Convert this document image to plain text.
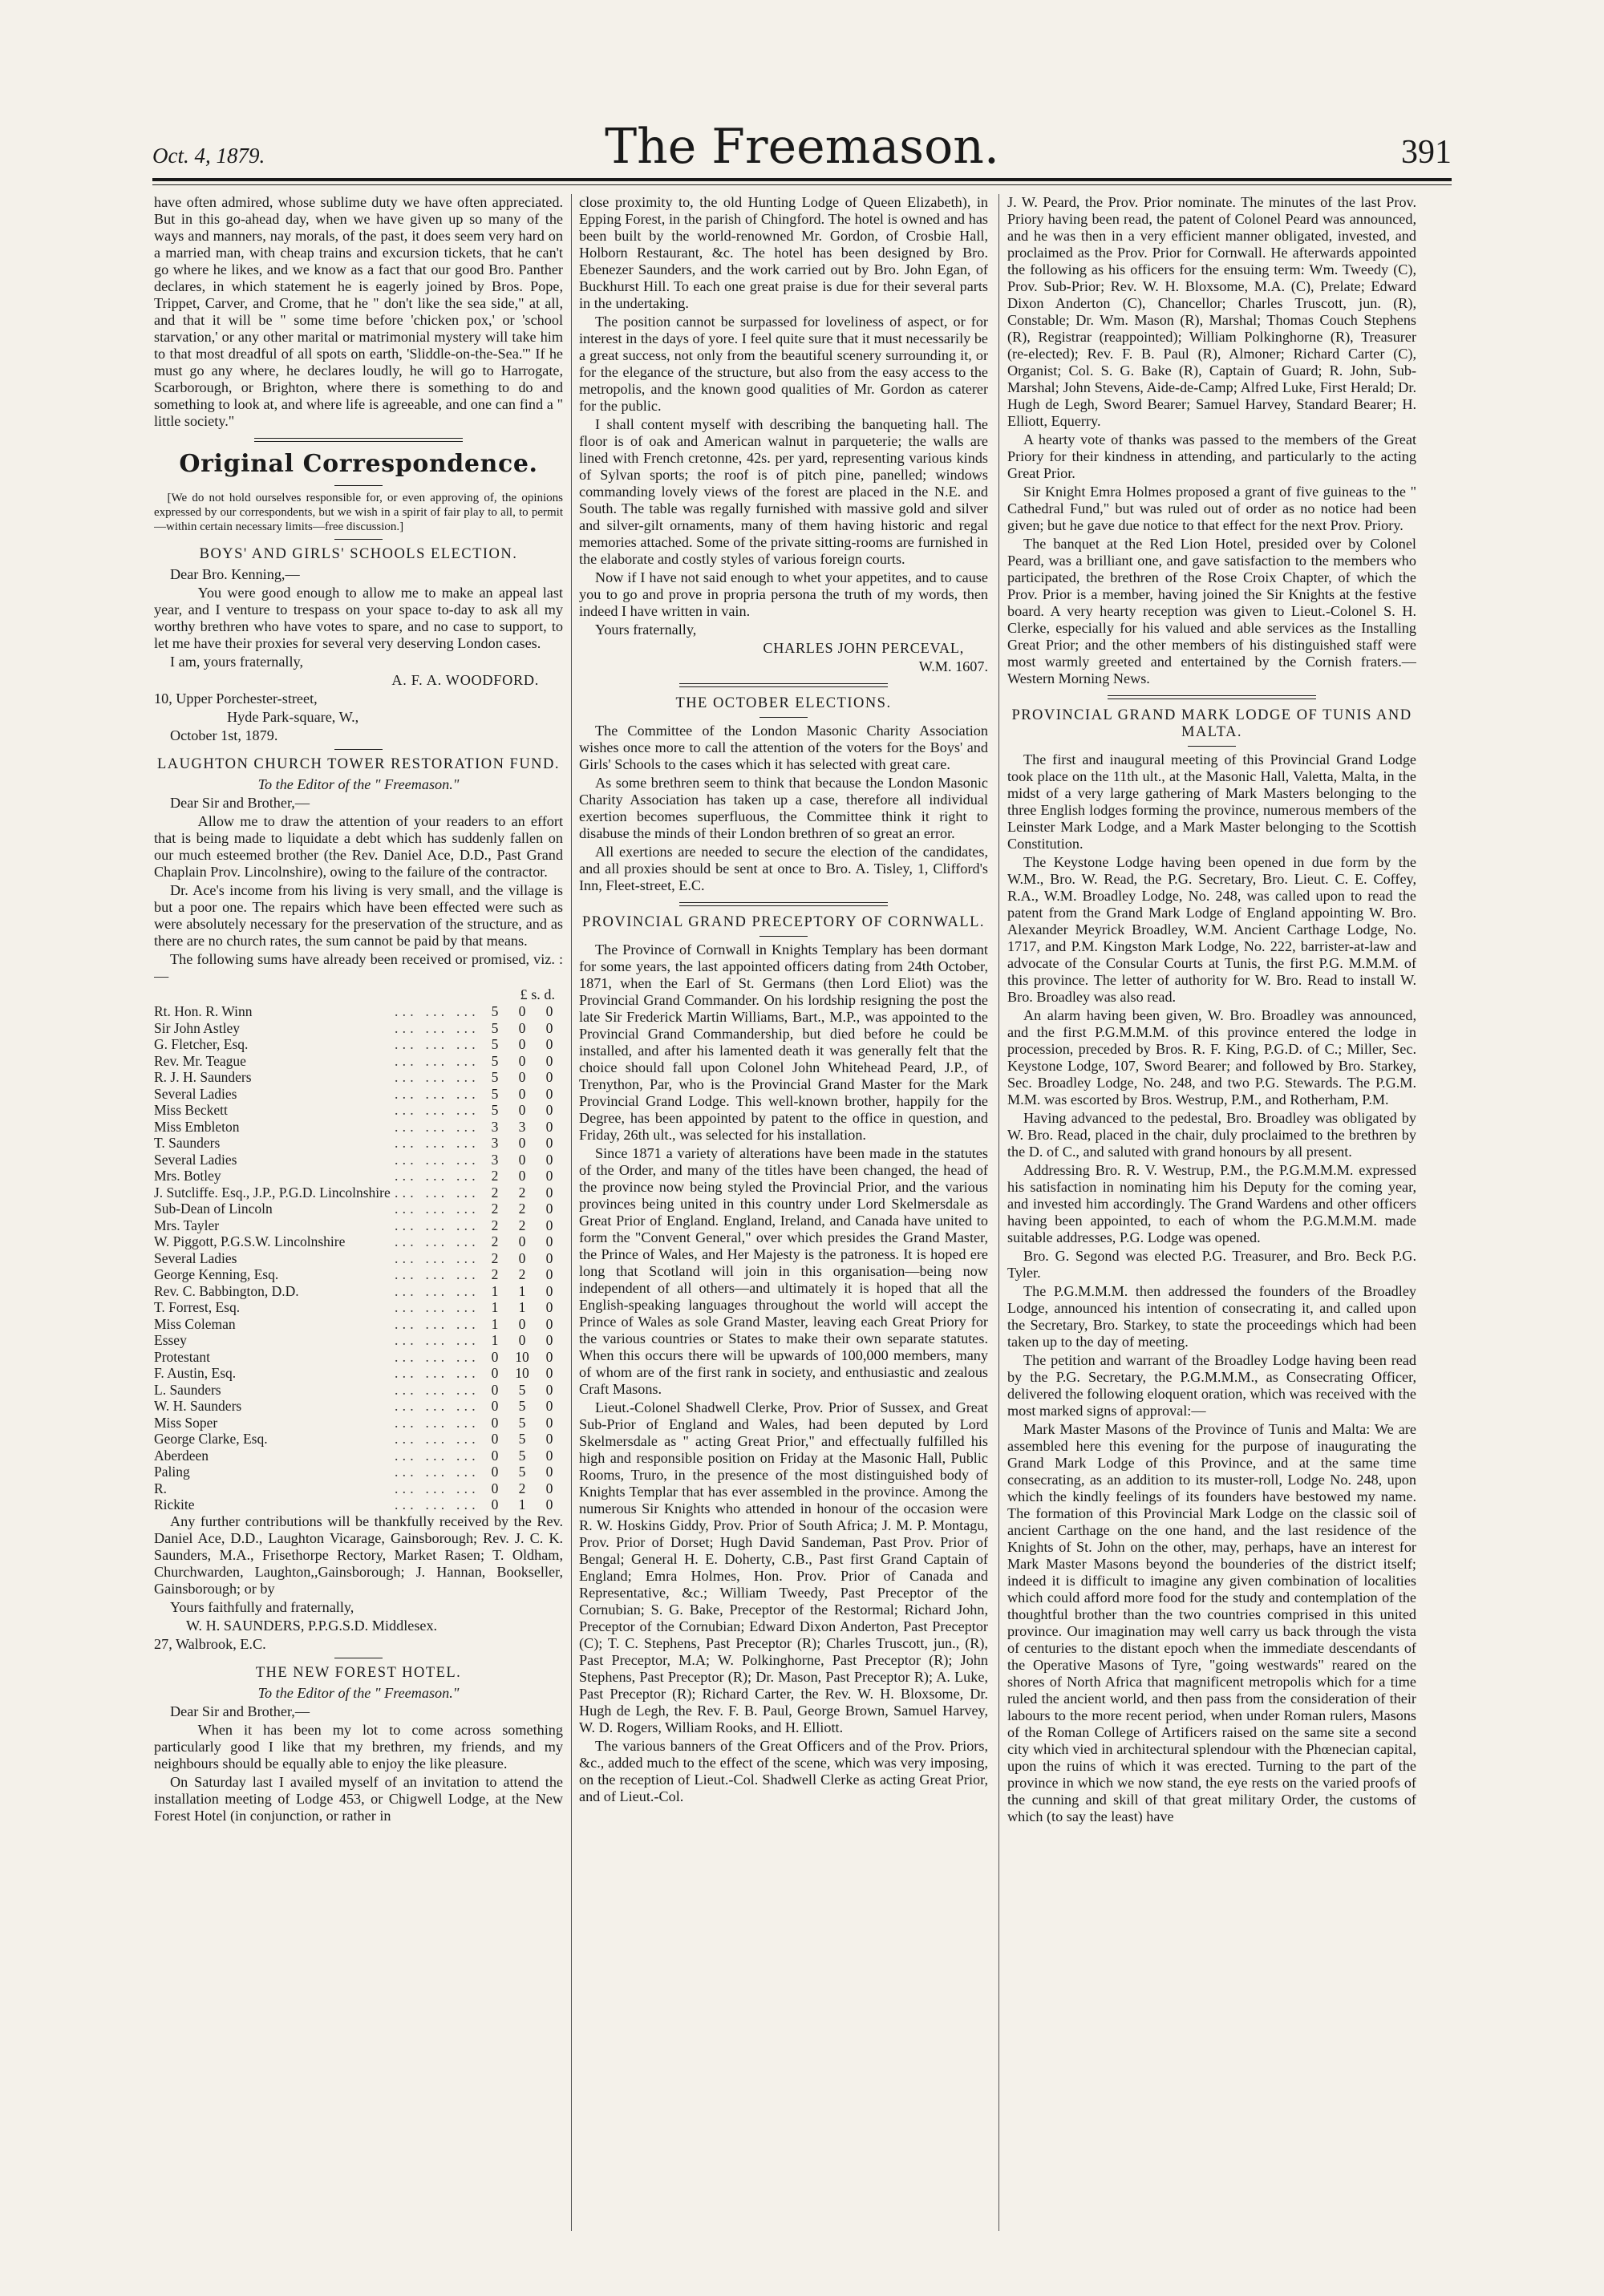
Oct. 4, 1879.	The Freemason.	391

have often admired, whose sublime duty we have often appreciated. But in this go-ahead day, when we have given up so many of the ways and manners, nay morals, of the past, it does seem very hard on a married man, with cheap trains and excursion tickets, that he can't go where he likes, and we know as a fact that our good Bro. Panther declares, in which statement he is eagerly joined by Bros. Pope, Trippet, Carver, and Crome, that he " don't like the sea side," at all, and that it will be " some time before 'chicken pox,' or 'school starvation,' or any other marital or matrimonial mystery will take him to that most dreadful of all spots on earth, 'Sliddle-on-the-Sea.'" If he must go any where, he declares loudly, he will go to Harrogate, Scarborough, or Brighton, where there is something to do and something to look at, and where life is agreeable, and one can find a " little society."

Original Correspondence.

[We do not hold ourselves responsible for, or even approving of, the opinions expressed by our correspondents, but we wish in a spirit of fair play to all, to permit—within certain necessary limits—free discussion.]

BOYS' AND GIRLS' SCHOOLS ELECTION.

Dear Bro. Kenning,—

You were good enough to allow me to make an appeal last year, and I venture to trespass on your space to-day to ask all my worthy brethren who have votes to spare, and no case to support, to let me have their proxies for several very deserving London cases.

I am, yours fraternally,

A. F. A. WOODFORD.

10, Upper Porchester-street,

Hyde Park-square, W.,

October 1st, 1879.

LAUGHTON CHURCH TOWER RESTORATION FUND.

To the Editor of the " Freemason."

Dear Sir and Brother,—

Allow me to draw the attention of your readers to an effort that is being made to liquidate a debt which has suddenly fallen on our much esteemed brother (the Rev. Daniel Ace, D.D., Past Grand Chaplain Prov. Lincolnshire), owing to the failure of the contractor.

Dr. Ace's income from his living is very small, and the village is but a poor one. The repairs which have been effected were such as were absolutely necessary for the preservation of the structure, and as there are no church rates, the sum cannot be paid by that means.

The following sums have already been received or promised, viz. :—

£ s. d.
Rt. Hon. R. Winn	... ... ...	5	0	0
Sir John Astley	... ... ...	5	0	0
G. Fletcher, Esq.	... ... ...	5	0	0
Rev. Mr. Teague	... ... ...	5	0	0
R. J. H. Saunders	... ... ...	5	0	0
Several Ladies	... ... ...	5	0	0
Miss Beckett	... ... ...	5	0	0
Miss Embleton	... ... ...	3	3	0
T. Saunders	... ... ...	3	0	0
Several Ladies	... ... ...	3	0	0
Mrs. Botley	... ... ...	2	0	0
J. Sutcliffe. Esq., J.P., P.G.D. Lincolnshire	... ... ...	2	2	0
Sub-Dean of Lincoln	... ... ...	2	2	0
Mrs. Tayler	... ... ...	2	2	0
W. Piggott, P.G.S.W. Lincolnshire	... ... ...	2	0	0
Several Ladies	... ... ...	2	0	0
George Kenning, Esq.	... ... ...	2	2	0
Rev. C. Babbington, D.D.	... ... ...	1	1	0
T. Forrest, Esq.	... ... ...	1	1	0
Miss Coleman	... ... ...	1	0	0
Essey	... ... ...	1	0	0
Protestant	... ... ...	0	10	0
F. Austin, Esq.	... ... ...	0	10	0
L. Saunders	... ... ...	0	5	0
W. H. Saunders	... ... ...	0	5	0
Miss Soper	... ... ...	0	5	0
George Clarke, Esq.	... ... ...	0	5	0
Aberdeen	... ... ...	0	5	0
Paling	... ... ...	0	5	0
R.	... ... ...	0	2	0
Rickite	... ... ...	0	1	0

Any further contributions will be thankfully received by the Rev. Daniel Ace, D.D., Laughton Vicarage, Gainsborough; Rev. J. C. K. Saunders, M.A., Frisethorpe Rectory, Market Rasen; T. Oldham, Churchwarden, Laughton,,Gainsborough; J. Hannan, Bookseller, Gainsborough; or by

Yours faithfully and fraternally,

W. H. SAUNDERS, P.P.G.S.D. Middlesex.

27, Walbrook, E.C.

THE NEW FOREST HOTEL.

To the Editor of the " Freemason."

Dear Sir and Brother,—

When it has been my lot to come across something particularly good I like that my brethren, my friends, and my neighbours should be equally able to enjoy the like pleasure.

On Saturday last I availed myself of an invitation to attend the installation meeting of Lodge 453, or Chigwell Lodge, at the New Forest Hotel (in conjunction, or rather in

close proximity to, the old Hunting Lodge of Queen Elizabeth), in Epping Forest, in the parish of Chingford. The hotel is owned and has been built by the world-renowned Mr. Gordon, of Crosbie Hall, Holborn Restaurant, &c. The hotel has been designed by Bro. Ebenezer Saunders, and the work carried out by Bro. John Egan, of Buckhurst Hill. To each one great praise is due for their several parts in the undertaking.

The position cannot be surpassed for loveliness of aspect, or for interest in the days of yore. I feel quite sure that it must necessarily be a great success, not only from the beautiful scenery surrounding it, or for the elegance of the structure, but also from the easy access to the metropolis, and the known good qualities of Mr. Gordon as caterer for the public.

I shall content myself with describing the banqueting hall. The floor is of oak and American walnut in parqueterie; the walls are lined with French cretonne, 42s. per yard, representing various kinds of Sylvan sports; the roof is of pitch pine, panelled; windows commanding lovely views of the forest are placed in the N.E. and South. The table was regally furnished with massive gold and silver and silver-gilt ornaments, many of them having historic and regal memories attached. Some of the private sitting-rooms are furnished in the elaborate and costly styles of various foreign courts.

Now if I have not said enough to whet your appetites, and to cause you to go and prove in propria persona the truth of my words, then indeed I have written in vain.

Yours fraternally,

CHARLES JOHN PERCEVAL,

W.M. 1607.

THE OCTOBER ELECTIONS.

The Committee of the London Masonic Charity Association wishes once more to call the attention of the voters for the Boys' and Girls' Schools to the cases which it has selected with great care.

As some brethren seem to think that because the London Masonic Charity Association has taken up a case, therefore all individual exertion becomes superfluous, the Committee think it right to disabuse the minds of their London brethren of so great an error.

All exertions are needed to secure the election of the candidates, and all proxies should be sent at once to Bro. A. Tisley, 1, Clifford's Inn, Fleet-street, E.C.

PROVINCIAL GRAND PRECEPTORY OF CORNWALL.

The Province of Cornwall in Knights Templary has been dormant for some years, the last appointed officers dating from 24th October, 1871, when the Earl of St. Germans (then Lord Eliot) was the Provincial Grand Commander. On his lordship resigning the post the late Sir Frederick Martin Williams, Bart., M.P., was appointed to the Provincial Grand Commandership, but died before he could be installed, and after his lamented death it was generally felt that the choice should fall upon Colonel John Whitehead Peard, J.P., of Trenython, Par, who is the Provincial Grand Master for the Mark Provincial Grand Lodge. This well-known brother, happily for the Degree, has been appointed by patent to the office in question, and Friday, 26th ult., was selected for his installation.

Since 1871 a variety of alterations have been made in the statutes of the Order, and many of the titles have been changed, the head of the province now being styled the Provincial Prior, and the various provinces being united in this country under Lord Skelmersdale as Great Prior of England. England, Ireland, and Canada have united to form the "Convent General," over which presides the Grand Master, the Prince of Wales, and Her Majesty is the patroness. It is hoped ere long that Scotland will join in this organisation—being now independent of all others—and ultimately it is hoped that all the English-speaking languages throughout the world will accept the Prince of Wales as sole Grand Master, leaving each Great Priory for the various countries or States to make their own separate statutes. When this occurs there will be upwards of 100,000 members, many of whom are of the first rank in society, and enthusiastic and zealous Craft Masons.

Lieut.-Colonel Shadwell Clerke, Prov. Prior of Sussex, and Great Sub-Prior of England and Wales, had been deputed by Lord Skelmersdale as " acting Great Prior," and effectually fulfilled his high and responsible position on Friday at the Masonic Hall, Public Rooms, Truro, in the presence of the most distinguished body of Knights Templar that has ever assembled in the province. Among the numerous Sir Knights who attended in honour of the occasion were R. W. Hoskins Giddy, Prov. Prior of South Africa; J. M. P. Montagu, Prov. Prior of Dorset; Hugh David Sandeman, Past Prov. Prior of Bengal; General H. E. Doherty, C.B., Past first Grand Captain of England; Emra Holmes, Hon. Prov. Prior of Canada and Representative, &c.; William Tweedy, Past Preceptor of the Cornubian; S. G. Bake, Preceptor of the Restormal; Richard John, Preceptor of the Cornubian; Edward Dixon Anderton, Past Preceptor (C); T. C. Stephens, Past Preceptor (R); Charles Truscott, jun., (R), Past Preceptor, M.A; W. Polkinghorne, Past Preceptor (R); John Stephens, Past Preceptor (R); Dr. Mason, Past Preceptor R); A. Luke, Past Preceptor (R); Richard Carter, the Rev. W. H. Bloxsome, Dr. Hugh de Legh, the Rev. F. B. Paul, George Brown, Samuel Harvey, W. D. Rogers, William Rooks, and H. Elliott.

The various banners of the Great Officers and of the Prov. Priors, &c., added much to the effect of the scene, which was very imposing, on the reception of Lieut.-Col. Shadwell Clerke as acting Great Prior, and of Lieut.-Col.

J. W. Peard, the Prov. Prior nominate. The minutes of the last Prov. Priory having been read, the patent of Colonel Peard was announced, and he was then in a very efficient manner obligated, invested, and proclaimed as the Prov. Prior for Cornwall. He afterwards appointed the following as his officers for the ensuing term: Wm. Tweedy (C), Prov. Sub-Prior; Rev. W. H. Bloxsome, M.A. (C), Prelate; Edward Dixon Anderton (C), Chancellor; Charles Truscott, jun. (R), Constable; Dr. Wm. Mason (R), Marshal; Thomas Couch Stephens (R), Registrar (reappointed); William Polkinghorne (R), Treasurer (re-elected); Rev. F. B. Paul (R), Almoner; Richard Carter (C), Organist; Col. S. G. Bake (R), Captain of Guard; R. John, Sub-Marshal; John Stevens, Aide-de-Camp; Alfred Luke, First Herald; Dr. Hugh de Legh, Sword Bearer; Samuel Harvey, Standard Bearer; H. Elliott, Equerry.

A hearty vote of thanks was passed to the members of the Great Priory for their kindness in attending, and particularly to the acting Great Prior.

Sir Knight Emra Holmes proposed a grant of five guineas to the " Cathedral Fund," but was ruled out of order as no notice had been given; but he gave due notice to that effect for the next Prov. Priory.

The banquet at the Red Lion Hotel, presided over by Colonel Peard, was a brilliant one, and gave satisfaction to the members who participated, the brethren of the Rose Croix Chapter, of which the Prov. Prior is a member, having joined the Sir Knights at the festive board. A very hearty reception was given to Lieut.-Colonel S. H. Clerke, especially for his valued and able services as the Installing Great Prior; and the other members of his distinguished staff were most warmly greeted and entertained by the Cornish fraters.—Western Morning News.

PROVINCIAL GRAND MARK LODGE OF TUNIS AND MALTA.

The first and inaugural meeting of this Provincial Grand Lodge took place on the 11th ult., at the Masonic Hall, Valetta, Malta, in the midst of a very large gathering of Mark Masters belonging to the three English lodges forming the province, numerous members of the Leinster Mark Lodge, and a Mark Master belonging to the Scottish Constitution.

The Keystone Lodge having been opened in due form by the W.M., Bro. W. Read, the P.G. Secretary, Bro. Lieut. C. E. Coffey, R.A., W.M. Broadley Lodge, No. 248, was called upon to read the patent from the Grand Mark Lodge of England appointing W. Bro. Alexander Meyrick Broadley, W.M. Ancient Carthage Lodge, No. 1717, and P.M. Kingston Mark Lodge, No. 222, barrister-at-law and advocate of the Consular Courts at Tunis, the first P.G. M.M.M. of this province. The letter of authority for W. Bro. Read to install W. Bro. Broadley was also read.

An alarm having been given, W. Bro. Broadley was announced, and the first P.G.M.M.M. of this province entered the lodge in procession, preceded by Bros. R. F. King, P.G.D. of C.; Miller, Sec. Keystone Lodge, 107, Sword Bearer; and followed by Bro. Starkey, Sec. Broadley Lodge, No. 248, and two P.G. Stewards. The P.G.M. M.M. was escorted by Bros. Westrup, P.M., and Rotherham, P.M.

Having advanced to the pedestal, Bro. Broadley was obligated by W. Bro. Read, placed in the chair, duly proclaimed to the brethren by the D. of C., and saluted with grand honours by all present.

Addressing Bro. R. V. Westrup, P.M., the P.G.M.M.M. expressed his satisfaction in nominating him his Deputy for the coming year, and invested him accordingly. The Grand Wardens and other officers having been appointed, to each of whom the P.G.M.M.M. made suitable addresses, P.G. Lodge was opened.

Bro. G. Segond was elected P.G. Treasurer, and Bro. Beck P.G. Tyler.

The P.G.M.M.M. then addressed the founders of the Broadley Lodge, announced his intention of consecrating it, and called upon the Secretary, Bro. Starkey, to state the proceedings which had been taken up to the day of meeting.

The petition and warrant of the Broadley Lodge having been read by the P.G. Secretary, the P.G.M.M.M., as Consecrating Officer, delivered the following eloquent oration, which was received with the most marked signs of approval:—

Mark Master Masons of the Province of Tunis and Malta: We are assembled here this evening for the purpose of inaugurating the Grand Mark Lodge of this Province, and at the same time consecrating, as an addition to its muster-roll, Lodge No. 248, upon which the kindly feelings of its founders have bestowed my name. The formation of this Provincial Mark Lodge on the classic soil of ancient Carthage on the one hand, and the last residence of the Knights of St. John on the other, may, perhaps, have an interest for Mark Master Masons beyond the bounderies of the district itself; indeed it is difficult to imagine any given combination of localities which could afford more food for the study and contemplation of the thoughtful brother than the two countries comprised in this united province. Our imagination may well carry us back through the vista of centuries to the distant epoch when the immediate descendants of the Operative Masons of Tyre, "going westwards" reared on the shores of North Africa that magnificent metropolis which for a time ruled the ancient world, and then pass from the consideration of their labours to the more recent period, when under Roman rulers, Masons of the Roman College of Artificers raised on the same site a second city which vied in architectural splendour with the Phœnecian capital, upon the ruins of which it was erected. Turning to the part of the province in which we now stand, the eye rests on the varied proofs of the cunning and skill of that great military Order, the customs of which (to say the least) have
